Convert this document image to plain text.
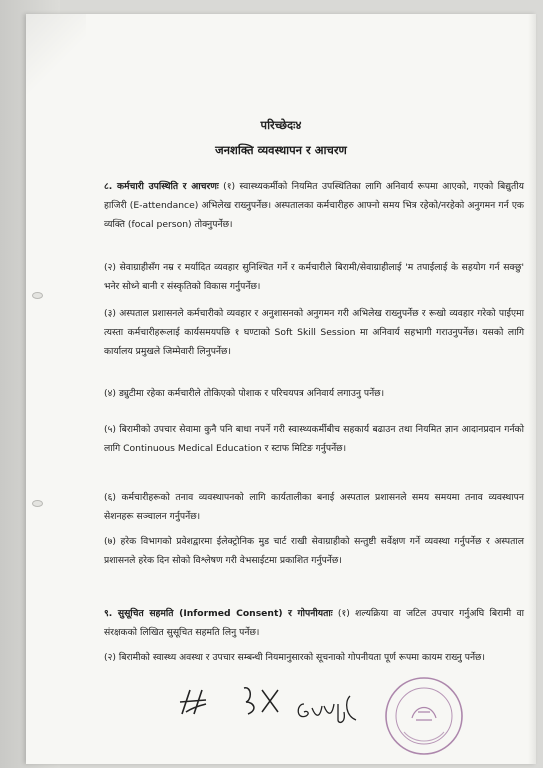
परिच्छेदः४
जनशक्ति व्यवस्थापन र आचरण
८. कर्मचारी उपस्थिति र आचरणः (१) स्वास्थ्यकर्मीको नियमित उपस्थितिका लागि अनिवार्य रूपमा आएको, गएको बिद्युतीय हाजिरी (E-attendance) अभिलेख राख्नुपर्नेछ। अस्पतालका कर्मचारीहरु आफ्नो समय भित्र रहेको/नरहेको अनुगमन गर्न एक व्यक्ति (focal person) तोक्नुपर्नेछ।
(२) सेवाग्राहीसँग नम्र र मर्यादित व्यवहार सुनिश्चित गर्ने र कर्मचारीले बिरामी/सेवाग्राहीलाई 'म तपाईलाई के सहयोग गर्न सक्छु' भनेर सोध्ने बानी र संस्कृतिको विकास गर्नुपर्नेछ।
(३) अस्पताल प्रशासनले कर्मचारीको व्यवहार र अनुशासनको अनुगमन गरी अभिलेख राख्नुपर्नेछ र रूखो व्यवहार गरेको पाईएमा त्यस्ता कर्मचारीहरूलाई कार्यसमयपछि १ घण्टाको Soft Skill Session मा अनिवार्य सहभागी गराउनुपर्नेछ। यसको लागि कार्यालय प्रमुखले जिम्मेवारी लिनुपर्नेछ।
(४) ड्युटीमा रहेका कर्मचारीले तोकिएको पोशाक र परिचयपत्र अनिवार्य लगाउनु पर्नेछ।
(५) बिरामीको उपचार सेवामा कुनै पनि बाधा नपर्ने गरी स्वास्थ्यकर्मीबीच सहकार्य बढाउन तथा नियमित ज्ञान आदानप्रदान गर्नको लागि Continuous Medical Education र स्टाफ मिटिङ गर्नुपर्नेछ।
(६) कर्मचारीहरूको तनाव व्यवस्थापनको लागि कार्यतालीका बनाई अस्पताल प्रशासनले समय समयमा तनाव व्यवस्थापन सेशनहरू सञ्चालन गर्नुपर्नेछ।
(७) हरेक विभागको प्रवेशद्वारमा ईलेक्ट्रोनिक मुड चार्ट राखी सेवाग्राहीको सन्तुष्टी सर्वेक्षण गर्ने व्यवस्था गर्नुपर्नेछ र अस्पताल प्रशासनले हरेक दिन सोको विश्लेषण गरी वेभसाईटमा प्रकाशित गर्नुपर्नेछ।
९. सुसूचित सहमति (Informed Consent) र गोपनीयताः (१) शल्यक्रिया वा जटिल उपचार गर्नुअघि बिरामी वा संरक्षकको लिखित सुसूचित सहमति लिनु पर्नेछ।
(२) बिरामीको स्वास्थ्य अवस्था र उपचार सम्बन्धी नियमानुसारको सूचनाको गोपनीयता पूर्ण रूपमा कायम राख्नु पर्नेछ।
